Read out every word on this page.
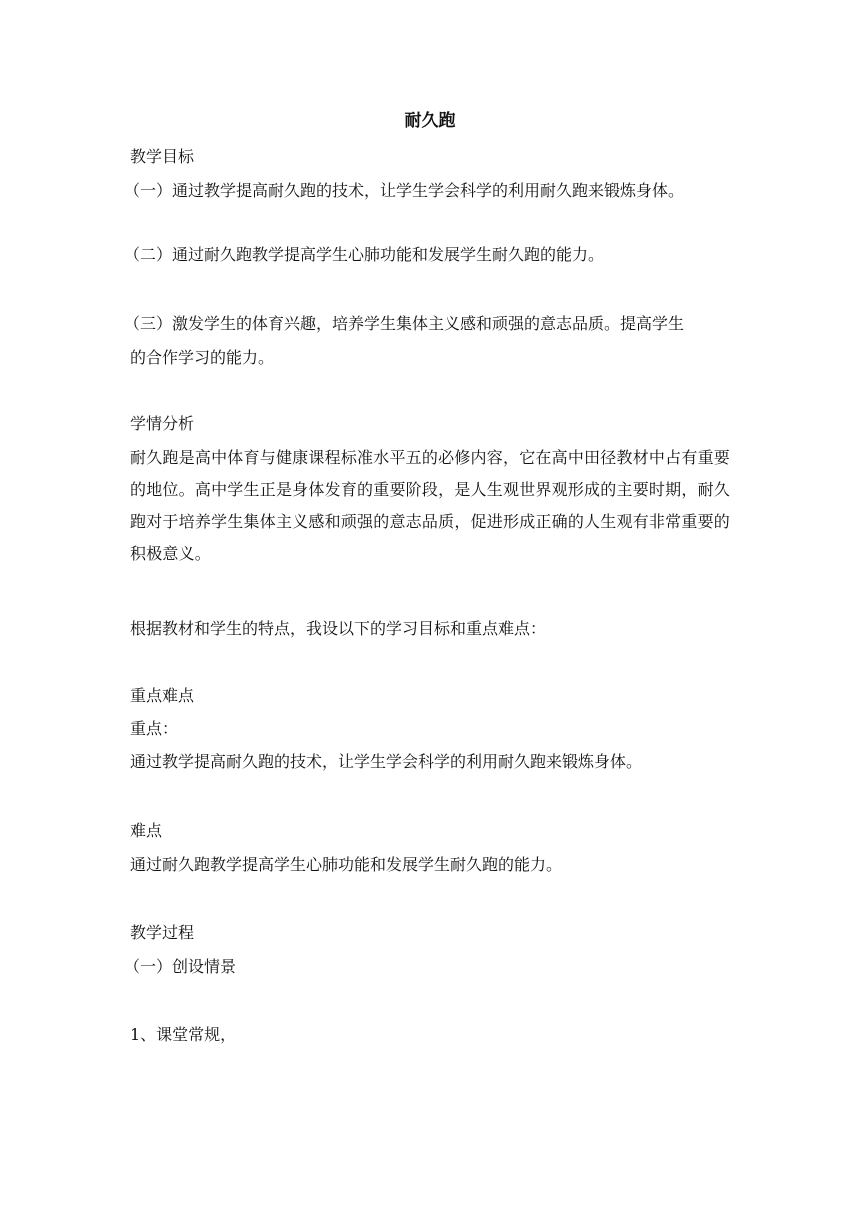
耐久跑
教学目标
（一）通过教学提高耐久跑的技术，让学生学会科学的利用耐久跑来锻炼身体。
（二）通过耐久跑教学提高学生心肺功能和发展学生耐久跑的能力。
（三）激发学生的体育兴趣，培养学生集体主义感和顽强的意志品质。提高学生
的合作学习的能力。
学情分析
耐久跑是高中体育与健康课程标准水平五的必修内容，它在高中田径教材中占有重要的地位。高中学生正是身体发育的重要阶段，是人生观世界观形成的主要时期，耐久跑对于培养学生集体主义感和顽强的意志品质，促进形成正确的人生观有非常重要的积极意义。
根据教材和学生的特点，我设以下的学习目标和重点难点：
重点难点
重点：
通过教学提高耐久跑的技术，让学生学会科学的利用耐久跑来锻炼身体。
难点
通过耐久跑教学提高学生心肺功能和发展学生耐久跑的能力。
教学过程
（一）创设情景
1、课堂常规，
